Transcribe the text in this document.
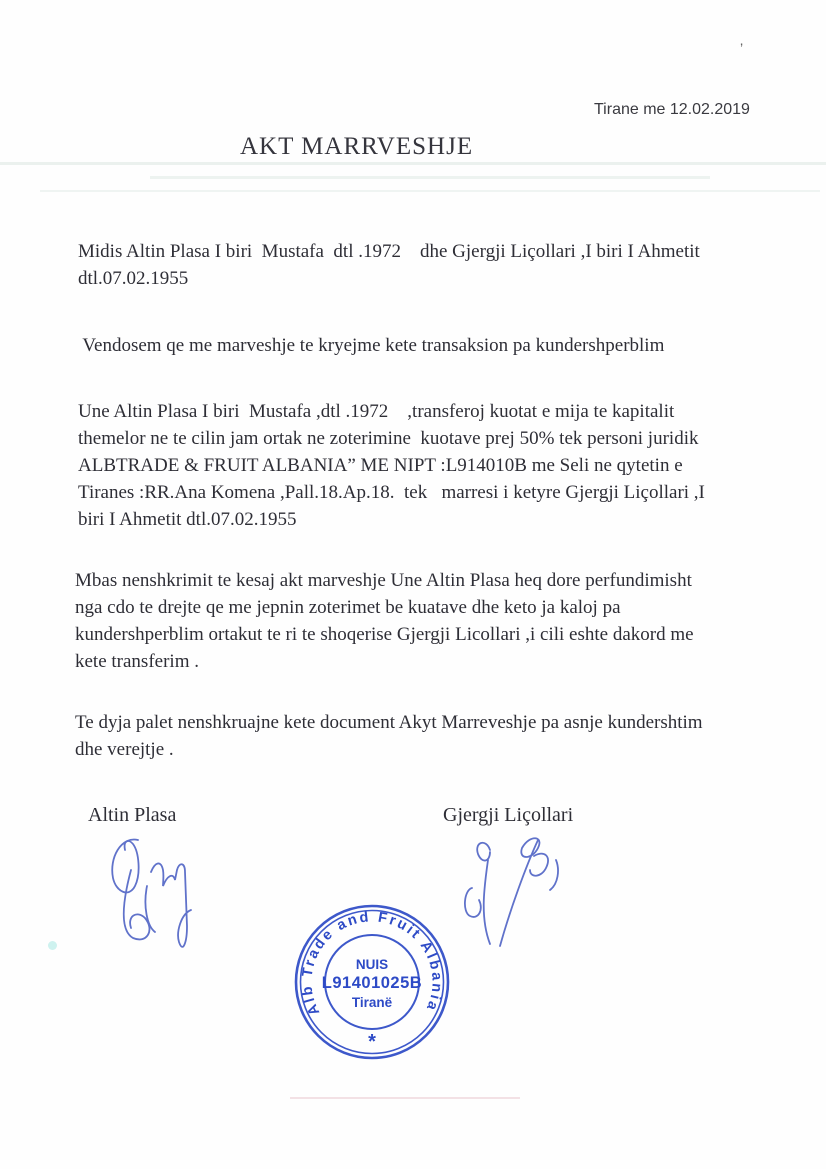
’
Tirane me 12.02.2019
AKT MARRVESHJE
Midis Altin Plasa I biri  Mustafa  dtl .1972    dhe Gjergji Liçollari ,I biri I Ahmetit
dtl.07.02.1955
Vendosem qe me marveshje te kryejme kete transaksion pa kundershperblim
Une Altin Plasa I biri  Mustafa ,dtl .1972    ,transferoj kuotat e mija te kapitalit
themelor ne te cilin jam ortak ne zoterimine  kuotave prej 50% tek personi juridik
ALBTRADE & FRUIT ALBANIA” ME NIPT :L914010B me Seli ne qytetin e
Tiranes :RR.Ana Komena ,Pall.18.Ap.18.  tek   marresi i ketyre Gjergji Liçollari ,I
biri I Ahmetit dtl.07.02.1955
Mbas nenshkrimit te kesaj akt marveshje Une Altin Plasa heq dore perfundimisht
nga cdo te drejte qe me jepnin zoterimet be kuatave dhe keto ja kaloj pa
kundershperblim ortakut te ri te shoqerise Gjergji Licollari ,i cili eshte dakord me
kete transferim .
Te dyja palet nenshkruajne kete document Akyt Marreveshje pa asnje kundershtim
dhe verejtje .
Altin Plasa	Gjergji Liçollari
Alb Trade and Fruit Albania
NUIS
L91401025B
Tiranë
*
